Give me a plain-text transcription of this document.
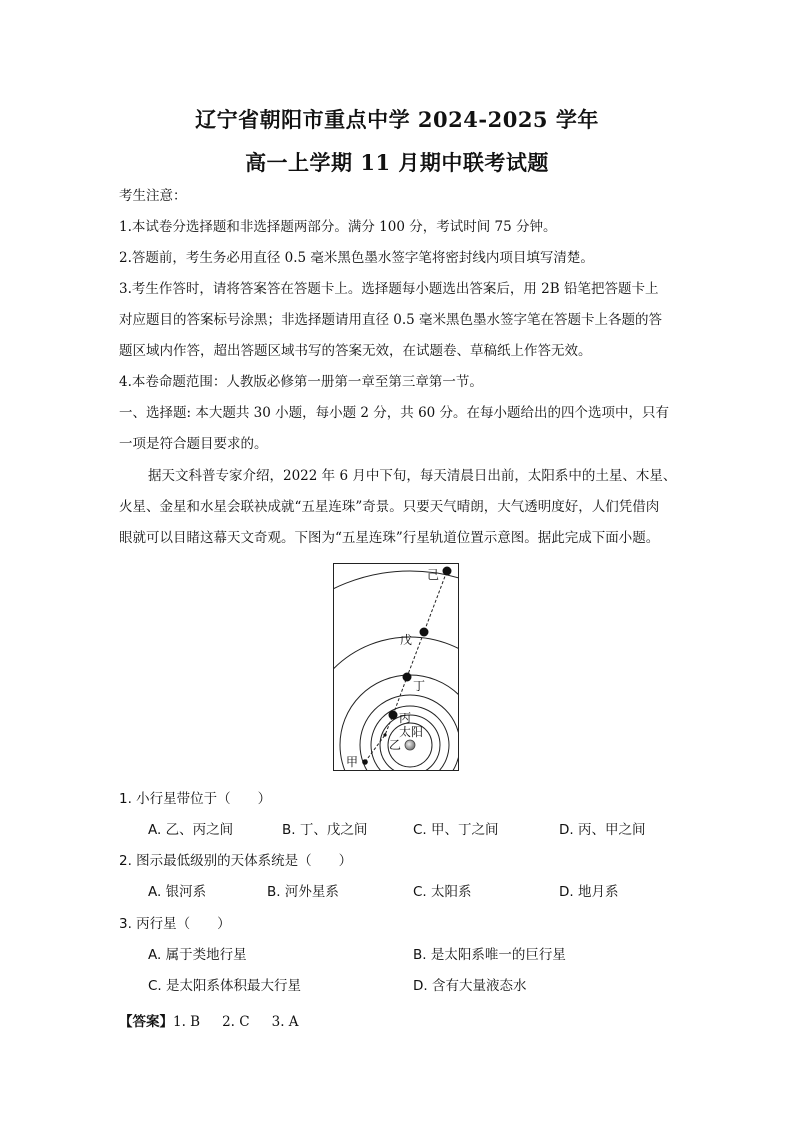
辽宁省朝阳市重点中学 2024-2025 学年
高一上学期 11 月期中联考试题
考生注意：
1.本试卷分选择题和非选择题两部分。满分 100 分，考试时间 75 分钟。
2.答题前，考生务必用直径 0.5 毫米黑色墨水签字笔将密封线内项目填写清楚。
3.考生作答时，请将答案答在答题卡上。选择题每小题选出答案后，用 2B 铅笔把答题卡上
对应题目的答案标号涂黑；非选择题请用直径 0.5 毫米黑色墨水签字笔在答题卡上各题的答
题区域内作答，超出答题区域书写的答案无效，在试题卷、草稿纸上作答无效。
4.本卷命题范围：人教版必修第一册第一章至第三章第一节。
一、选择题: 本大题共 30 小题，每小题 2 分，共 60 分。在每小题给出的四个选项中，只有
一项是符合题目要求的。
据天文科普专家介绍，2022 年 6 月中下旬，每天清晨日出前，太阳系中的土星、木星、
火星、金星和水星会联袂成就“五星连珠”奇景。只要天气晴朗，大气透明度好，人们凭借肉
眼就可以目睹这幕天文奇观。下图为“五星连珠”行星轨道位置示意图。据此完成下面小题。
己
戊
丁
丙
太阳
乙
甲
1. 小行星带位于（　　）
A. 乙、丙之间	B. 丁、戊之间	C. 甲、丁之间	D. 丙、甲之间
2. 图示最低级别的天体系统是（　　）
A. 银河系	B. 河外星系	C. 太阳系	D. 地月系
3. 丙行星（　　）
A. 属于类地行星	B. 是太阳系唯一的巨行星
C. 是太阳系体积最大行星	D. 含有大量液态水
【答案】1. B 2. C 3. A
